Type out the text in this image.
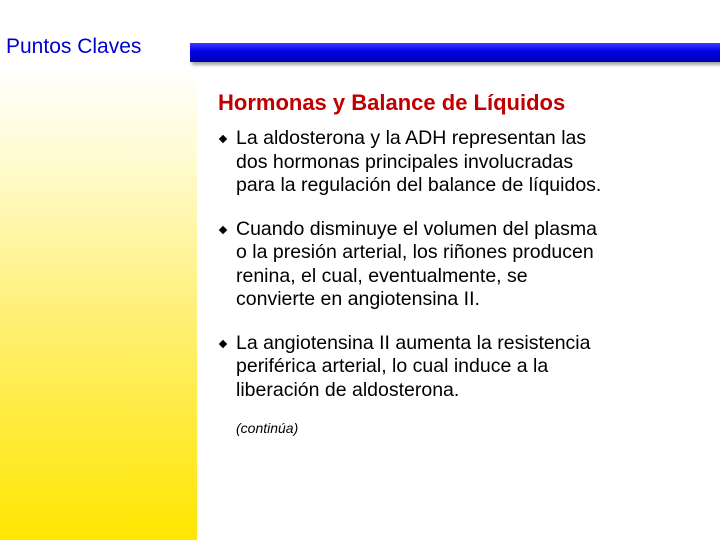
Puntos Claves
Hormonas y Balance de Líquidos
La aldosterona y la ADH representan las
dos hormonas principales involucradas
para la regulación del balance de líquidos.
Cuando disminuye el volumen del plasma
o la presión arterial, los riñones producen
renina, el cual, eventualmente, se
convierte en angiotensina II.
La angiotensina II aumenta la resistencia
periférica arterial, lo cual induce a la
liberación de aldosterona.
(continúa)
